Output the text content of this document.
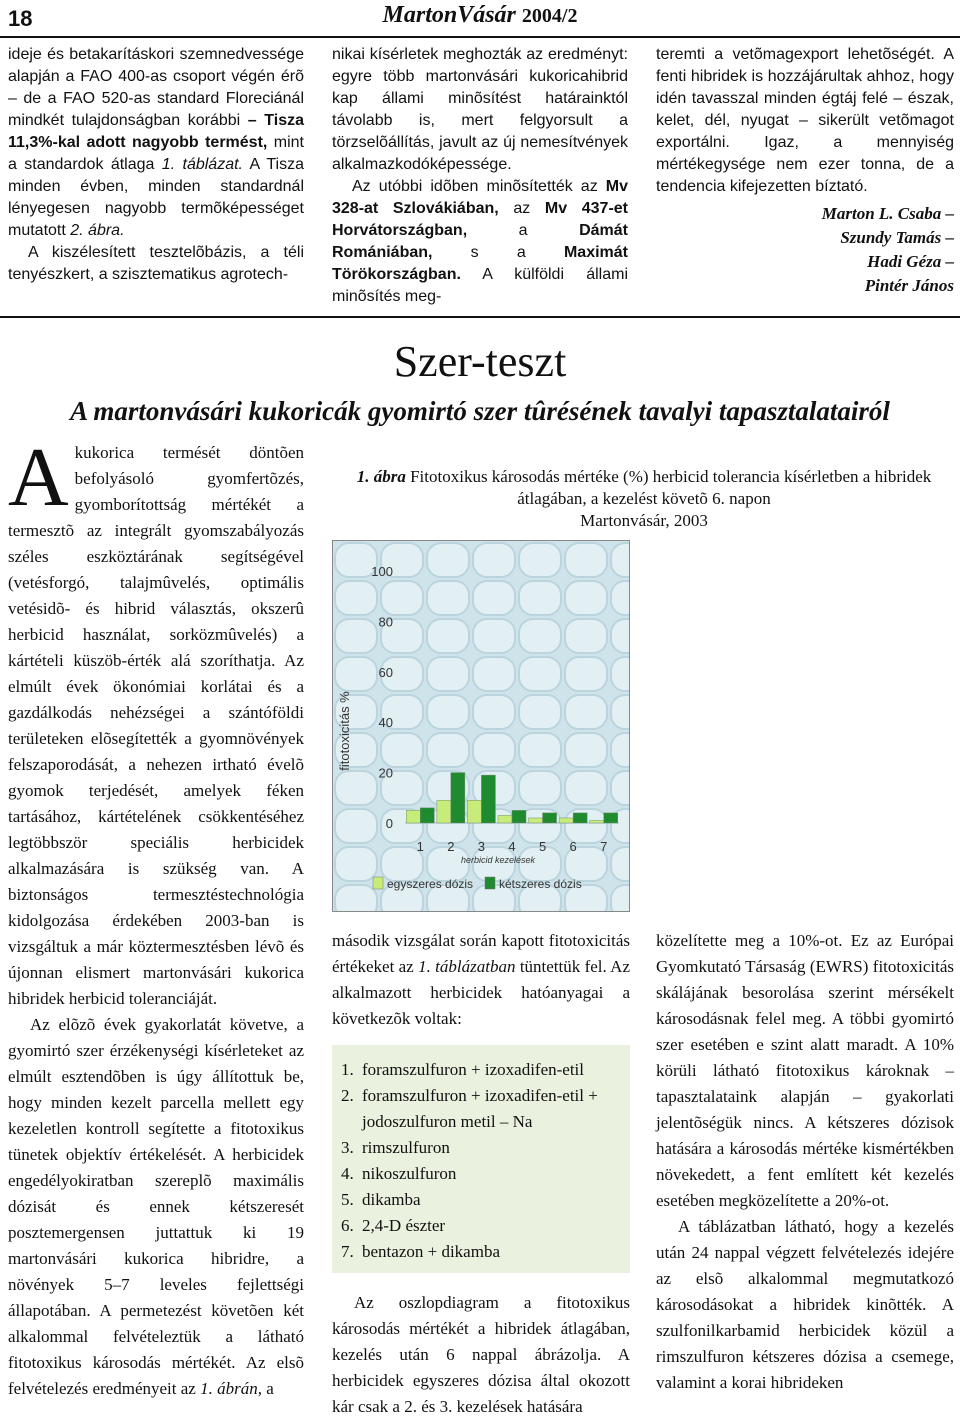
18	MartonVásár 2004/2

ideje és betakarításkori szemnedvessége alapján a FAO 400-as csoport végén érõ – de a FAO 520-as standard Floreciánál mindkét tulajdonságban korábbi – Tisza 11,3%-kal adott nagyobb termést, mint a standardok átlaga 1. táblázat. A Tisza minden évben, minden standardnál lényegesen nagyobb termõképességet mutatott 2. ábra.

A kiszélesített tesztelõbázis, a téli tenyészkert, a szisztematikus agrotech-

nikai kísérletek meghozták az eredményt: egyre több martonvásári kukoricahibrid kap állami minõsítést határainktól távolabb is, mert felgyorsult a törzselõállítás, javult az új nemesítvények alkalmazkodóképessége.

Az utóbbi idõben minõsítették az Mv 328-at Szlovákiában, az Mv 437-et Horvátországban,	a	Dámát Romániában, s a Maximát Törökországban. A külföldi állami minõsítés meg-

teremti a vetõmagexport lehetõségét. A fenti hibridek is hozzájárultak ahhoz, hogy idén tavasszal minden égtáj felé – észak, kelet, dél, nyugat – sikerült vetõmagot exportálni. Igaz, a mennyiség mértékegysége nem ezer tonna, de a tendencia kifejezetten bíztató.

Marton L. Csaba –
Szundy Tamás –
Hadi Géza –
Pintér János
Szer-teszt
A martonvásári kukoricák gyomirtó szer tûrésének tavalyi tapasztalatairól

Akukorica termését döntõen befolyásoló gyomfertõzés, gyomborítottság mértékét a termesztõ az integrált gyomszabályozás széles eszköztárának segítségével (vetésforgó, talajmûvelés, optimális vetésidõ- és hibrid választás, okszerû herbicid használat, sorközmûvelés) a kártételi küszöb-érték alá szoríthatja. Az elmúlt évek ökonómiai korlátai és a gazdálkodás nehézségei a szántóföldi területeken elõsegítették a gyomnövények felszaporodását, a nehezen irtható évelõ gyomok terjedését, amelyek féken tartásához, kártételének csökkentéséhez legtöbbször speciális herbicidek alkalmazására is szükség van. A biztonságos termesztéstechnológia kidolgozása érdekében 2003-ban is vizsgáltuk a már köztermesztésben lévõ és újonnan elismert martonvásári kukorica hibridek herbicid toleranciáját.

Az elõzõ évek gyakorlatát követve, a gyomirtó szer érzékenységi kísérleteket az elmúlt esztendõben is úgy állítottuk be, hogy minden kezelt parcella mellett egy kezeletlen kontroll segítette a fitotoxikus tünetek objektív értékelését. A herbicidek engedélyokiratban szereplõ maximális dózisát és ennek kétszeresét posztemergensen juttattuk ki 19 martonvásári kukorica hibridre, a növények 5–7 leveles fejlettségi állapotában. A permetezést követõen két alkalommal felvételeztük a látható fitotoxikus károsodás mértékét. Az elsõ felvételezés eredményeit az 1. ábrán, a

1. ábra Fitotoxikus károsodás mértéke (%) herbicid tolerancia kísérletben a hibridek átlagában, a kezelést követõ 6. napon
Martonvásár, 2003
0
20
40
60
80
100
1 2 3 4 5 6 7
fitotoxicitás %
herbicid kezelések
egyszeres dózis kétszeres dózis

második vizsgálat során kapott fitotoxicitás értékeket az 1. táblázatban tüntettük fel. Az alkalmazott herbicidek hatóanyagai a következõk voltak:

1. foramszulfuron + izoxadifen-etil
2. foramszulfuron + izoxadifen-etil + jodoszulfuron metil – Na
3. rimszulfuron
4. nikoszulfuron
5. dikamba
6. 2,4-D észter
7. bentazon + dikamba

Az oszlopdiagram a fitotoxikus károsodás mértékét a hibridek átlagában, kezelés után 6 nappal ábrázolja. A herbicidek egyszeres dózisa által okozott kár csak a 2. és 3. kezelések hatására

közelítette meg a 10%-ot. Ez az Európai Gyomkutató Társaság (EWRS) fitotoxicitás skálájának besorolása szerint mérsékelt károsodásnak felel meg. A többi gyomirtó szer esetében e szint alatt maradt. A 10% körüli látható fitotoxikus károknak – tapasztalataink alapján – gyakorlati jelentõségük nincs. A kétszeres dózisok hatására a károsodás mértéke kismértékben növekedett, a fent említett két kezelés esetében megközelítette a 20%-ot.

A táblázatban látható, hogy a kezelés után 24 nappal végzett felvételezés idejére az elsõ alkalommal megmutatkozó károsodásokat a hibridek kinõtték. A szulfonilkarbamid herbicidek közül a rimszulfuron kétszeres dózisa a csemege, valamint a korai hibrideken
